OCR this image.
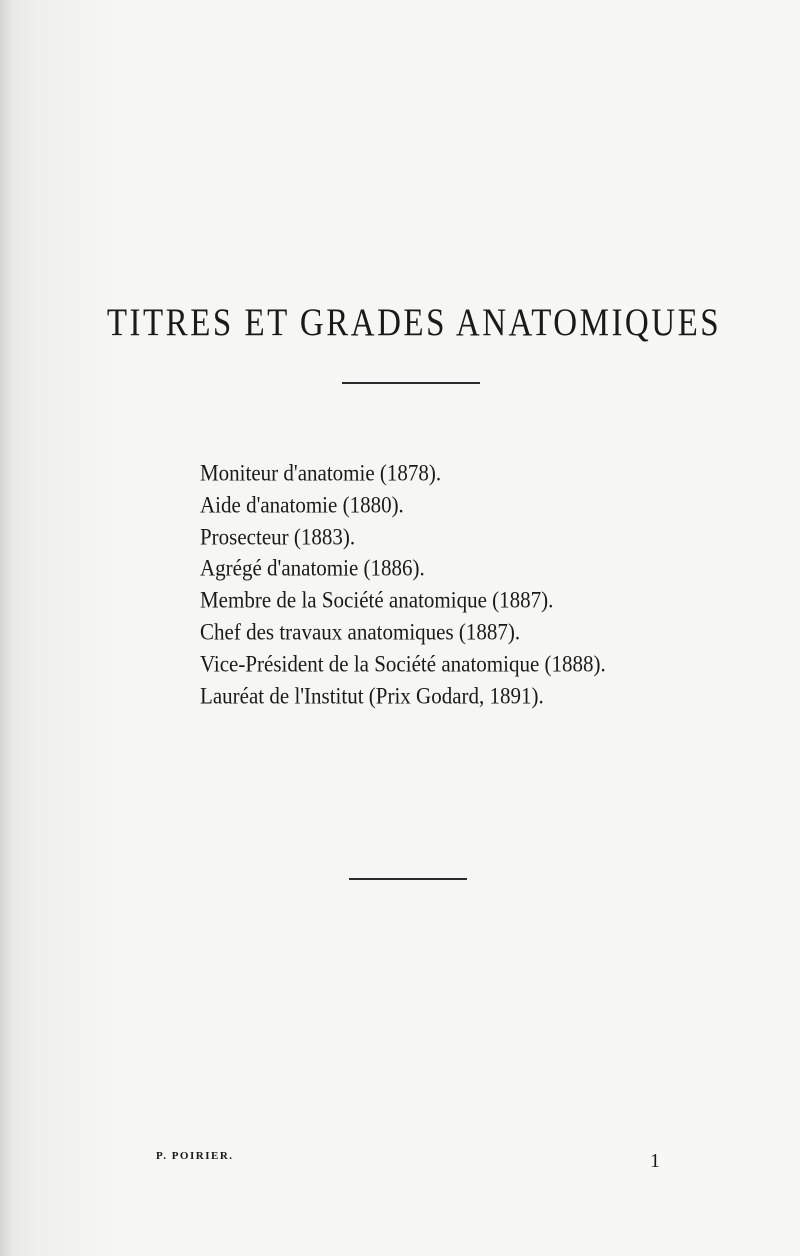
TITRES ET GRADES ANATOMIQUES
Moniteur d'anatomie (1878).
Aide d'anatomie (1880).
Prosecteur (1883).
Agrégé d'anatomie (1886).
Membre de la Société anatomique (1887).
Chef des travaux anatomiques (1887).
Vice-Président de la Société anatomique (1888).
Lauréat de l'Institut (Prix Godard, 1891).
P. POIRIER.	1
